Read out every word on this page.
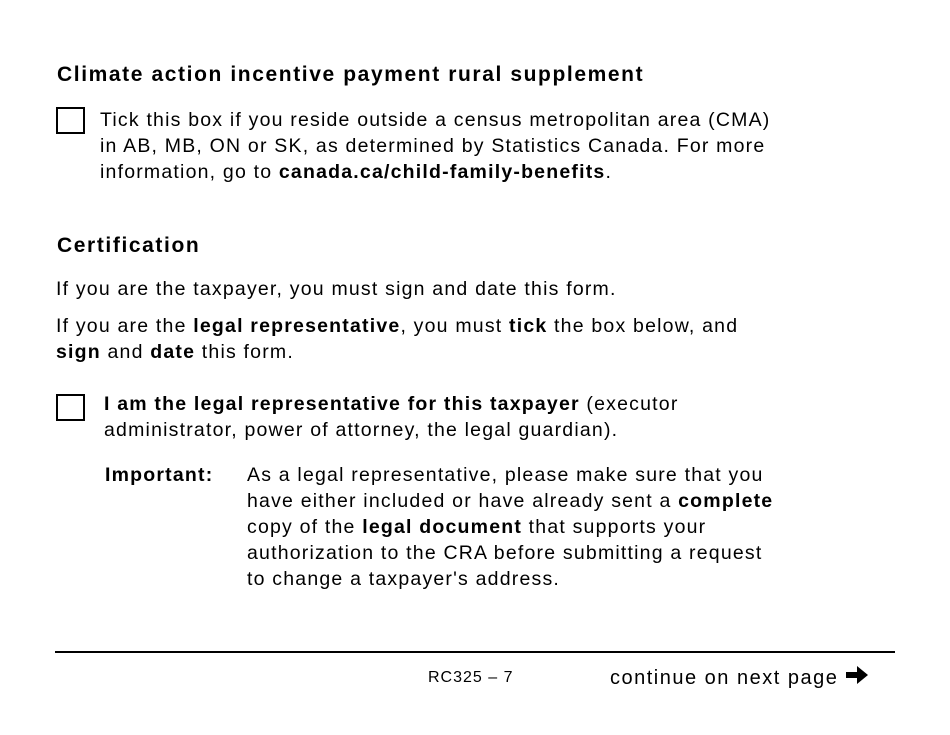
Climate action incentive payment rural supplement
Tick this box if you reside outside a census metropolitan area (CMA)
in AB, MB, ON or SK, as determined by Statistics Canada. For more
information, go to canada.ca/child-family-benefits.
Certification
If you are the taxpayer, you must sign and date this form.
If you are the legal representative, you must tick the box below, and
sign and date this form.
I am the legal representative for this taxpayer (executor
administrator, power of attorney, the legal guardian).
Important: As a legal representative, please make sure that you
have either included or have already sent a complete
copy of the legal document that supports your
authorization to the CRA before submitting a request
to change a taxpayer's address.
RC325 – 7	continue on next page
